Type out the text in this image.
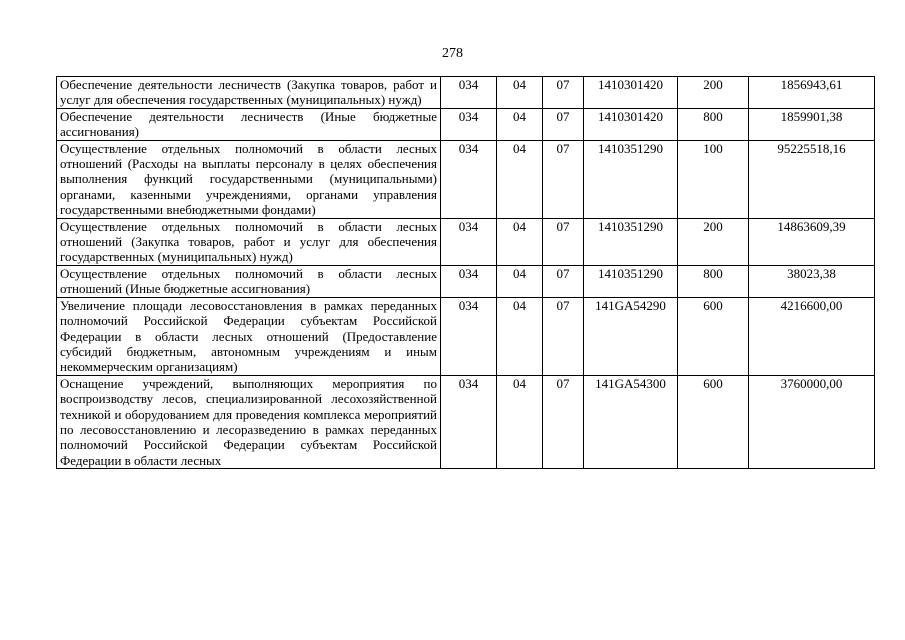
278
Обеспечение деятельности лесничеств (Закупка товаров, работ и услуг для обеспечения государственных (муниципальных) нужд)	034	04	07	1410301420	200	1856943,61
Обеспечение деятельности лесничеств (Иные бюджетные ассигнования)	034	04	07	1410301420	800	1859901,38
Осуществление отдельных полномочий в области лесных отношений (Расходы на выплаты персоналу в целях обеспечения выполнения функций государственными (муниципальными) органами, казенными учреждениями, органами управления государственными внебюджетными фондами)	034	04	07	1410351290	100	95225518,16
Осуществление отдельных полномочий в области лесных отношений (Закупка товаров, работ и услуг для обеспечения государственных (муниципальных) нужд)	034	04	07	1410351290	200	14863609,39
Осуществление отдельных полномочий в области лесных отношений (Иные бюджетные ассигнования)	034	04	07	1410351290	800	38023,38
Увеличение площади лесовосстановления в рамках переданных полномочий Российской Федерации субъектам Российской Федерации в области лесных отношений (Предоставление субсидий бюджетным, автономным учреждениям и иным некоммерческим организациям)	034	04	07	141GA54290	600	4216600,00
Оснащение учреждений, выполняющих мероприятия по воспроизводству лесов, специализированной лесохозяйственной техникой и оборудованием для проведения комплекса мероприятий по лесовосстановлению и лесоразведению в рамках переданных полномочий Российской Федерации субъектам Российской Федерации в области лесных	034	04	07	141GA54300	600	3760000,00
